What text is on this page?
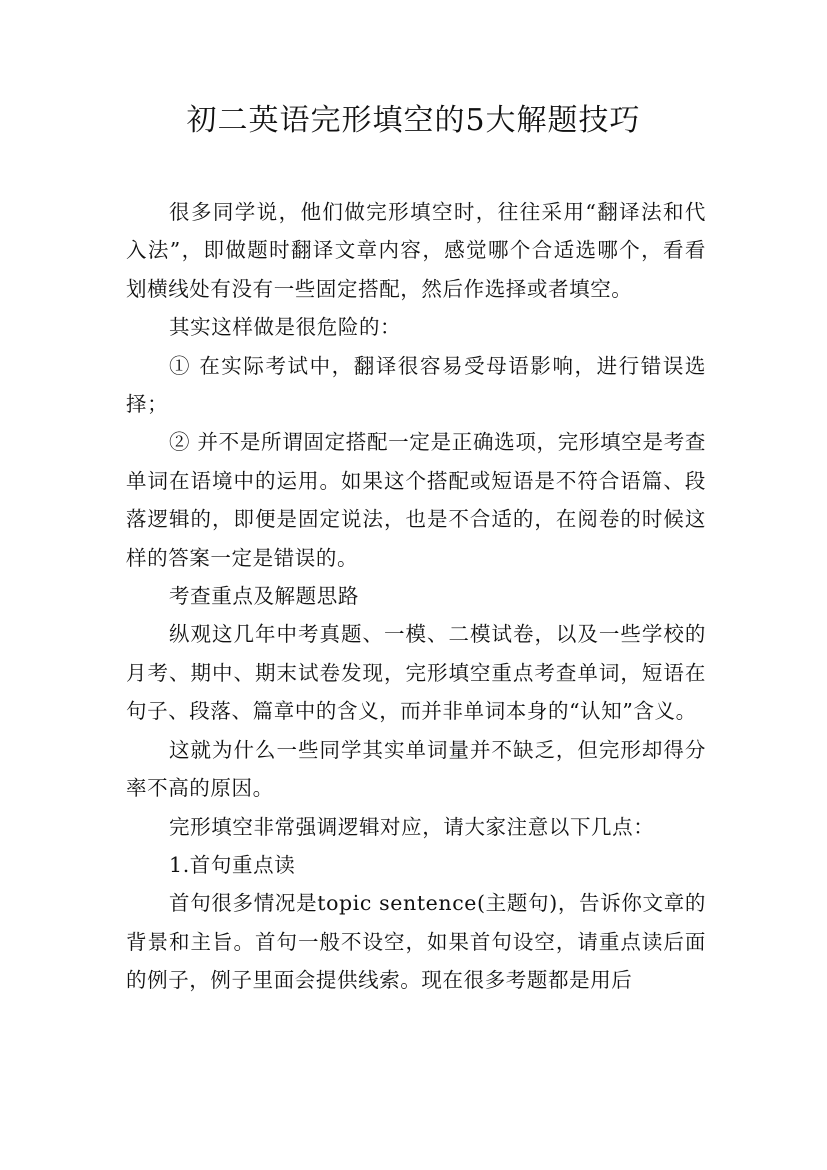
初二英语完形填空的5大解题技巧

很多同学说，他们做完形填空时，往往采用“翻译法和代入法”，即做题时翻译文章内容，感觉哪个合适选哪个，看看划横线处有没有一些固定搭配，然后作选择或者填空。

其实这样做是很危险的：

① 在实际考试中，翻译很容易受母语影响，进行错误选择；

② 并不是所谓固定搭配一定是正确选项，完形填空是考查单词在语境中的运用。如果这个搭配或短语是不符合语篇、段落逻辑的，即便是固定说法，也是不合适的，在阅卷的时候这样的答案一定是错误的。

考查重点及解题思路

纵观这几年中考真题、一模、二模试卷，以及一些学校的月考、期中、期末试卷发现，完形填空重点考查单词，短语在句子、段落、篇章中的含义，而并非单词本身的“认知”含义。

这就为什么一些同学其实单词量并不缺乏，但完形却得分率不高的原因。

完形填空非常强调逻辑对应，请大家注意以下几点：

1.首句重点读

首句很多情况是topic sentence(主题句)，告诉你文章的背景和主旨。首句一般不设空，如果首句设空，请重点读后面的例子，例子里面会提供线索。现在很多考题都是用后
